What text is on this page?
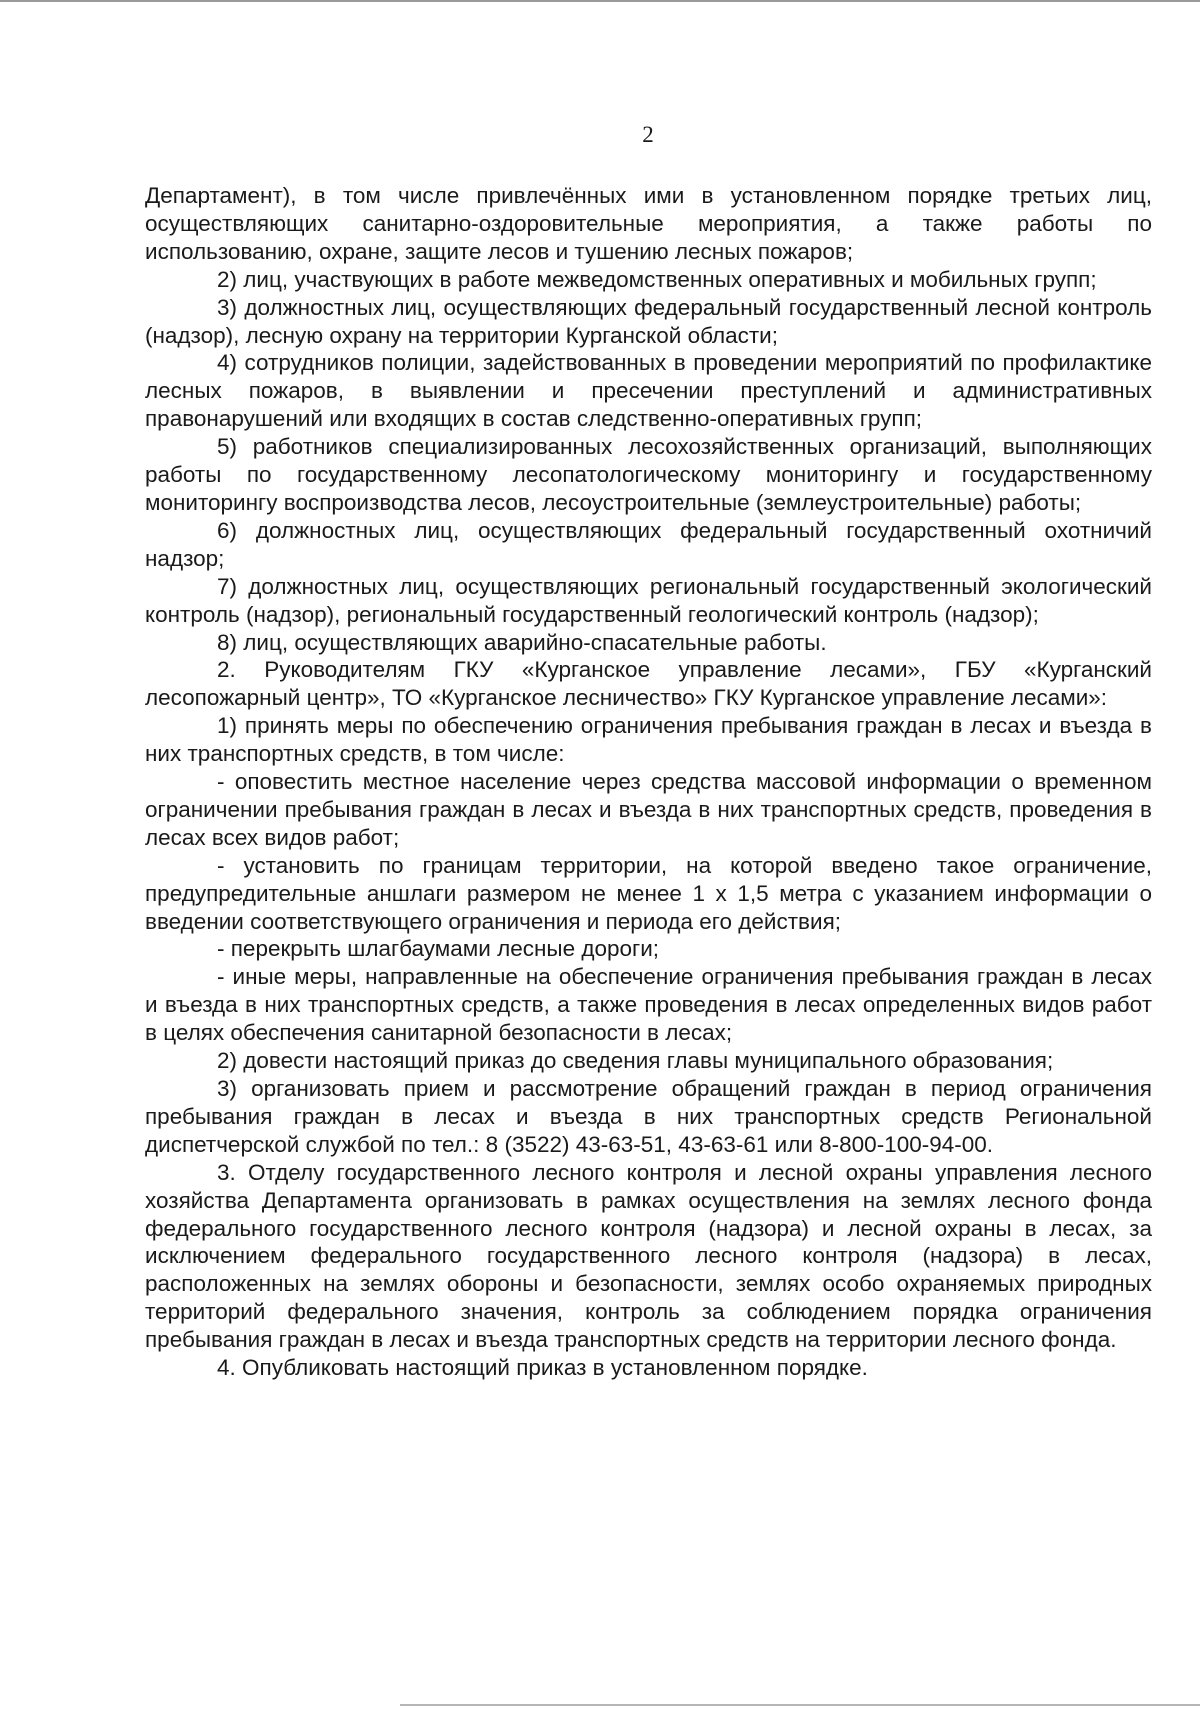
2

Департамент), в том числе привлечённых ими в установленном порядке третьих лиц, осуществляющих санитарно-оздоровительные мероприятия, а также работы по использованию, охране, защите лесов и тушению лесных пожаров;

2) лиц, участвующих в работе межведомственных оперативных и мобильных групп;

3) должностных лиц, осуществляющих федеральный государственный лесной контроль (надзор), лесную охрану на территории Курганской области;

4) сотрудников полиции, задействованных в проведении мероприятий по профилактике лесных пожаров, в выявлении и пресечении преступлений и административных правонарушений или входящих в состав следственно-оперативных групп;

5) работников специализированных лесохозяйственных организаций, выполняющих работы по государственному лесопатологическому мониторингу и государственному мониторингу воспроизводства лесов, лесоустроительные (землеустроительные) работы;

6) должностных лиц, осуществляющих федеральный государственный охотничий надзор;

7) должностных лиц, осуществляющих региональный государственный экологический контроль (надзор), региональный государственный геологический контроль (надзор);

8) лиц, осуществляющих аварийно-спасательные работы.

2. Руководителям ГКУ «Курганское управление лесами», ГБУ «Курганский лесопожарный центр», ТО «Курганское лесничество» ГКУ Курганское управление лесами»:

1) принять меры по обеспечению ограничения пребывания граждан в лесах и въезда в них транспортных средств, в том числе:

- оповестить местное население через средства массовой информации о временном ограничении пребывания граждан в лесах и въезда в них транспортных средств, проведения в лесах всех видов работ;

- установить по границам территории, на которой введено такое ограничение, предупредительные аншлаги размером не менее 1 х 1,5 метра с указанием информации о введении соответствующего ограничения и периода его действия;

- перекрыть шлагбаумами лесные дороги;

- иные меры, направленные на обеспечение ограничения пребывания граждан в лесах и въезда в них транспортных средств, а также проведения в лесах определенных видов работ в целях обеспечения санитарной безопасности в лесах;

2) довести настоящий приказ до сведения главы муниципального образования;

3) организовать прием и рассмотрение обращений граждан в период ограничения пребывания граждан в лесах и въезда в них транспортных средств Региональной диспетчерской службой по тел.: 8 (3522) 43-63-51, 43-63-61 или 8-800-100-94-00.

3. Отделу государственного лесного контроля и лесной охраны управления лесного хозяйства Департамента организовать в рамках осуществления на землях лесного фонда федерального государственного лесного контроля (надзора) и лесной охраны в лесах, за исключением федерального государственного лесного контроля (надзора) в лесах, расположенных на землях обороны и безопасности, землях особо охраняемых природных территорий федерального значения, контроль за соблюдением порядка ограничения пребывания граждан в лесах и въезда транспортных средств на территории лесного фонда.

4. Опубликовать настоящий приказ в установленном порядке.
